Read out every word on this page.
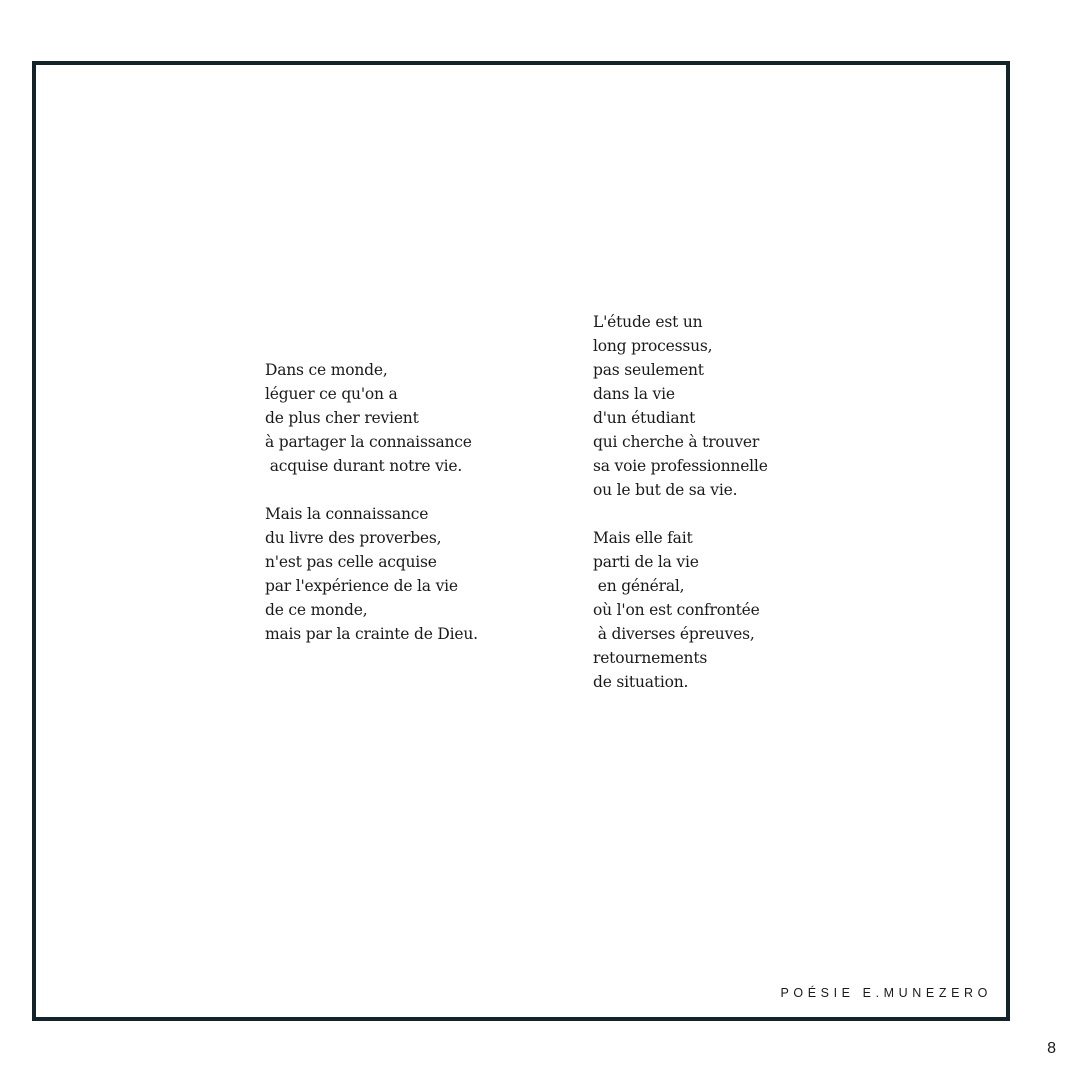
Dans ce monde,
léguer ce qu'on a
de plus cher revient
à partager la connaissance
acquise durant notre vie.
Mais la connaissance
du livre des proverbes,
n'est pas celle acquise
par l'expérience de la vie
de ce monde,
mais par la crainte de Dieu.
L'étude est un
long processus,
pas seulement
dans la vie
d'un étudiant
qui cherche à trouver
sa voie professionnelle
ou le but de sa vie.
Mais elle fait
parti de la vie
en général,
où l'on est confrontée
à diverses épreuves,
retournements
de situation.
POÉSIE E.MUNEZERO
8
